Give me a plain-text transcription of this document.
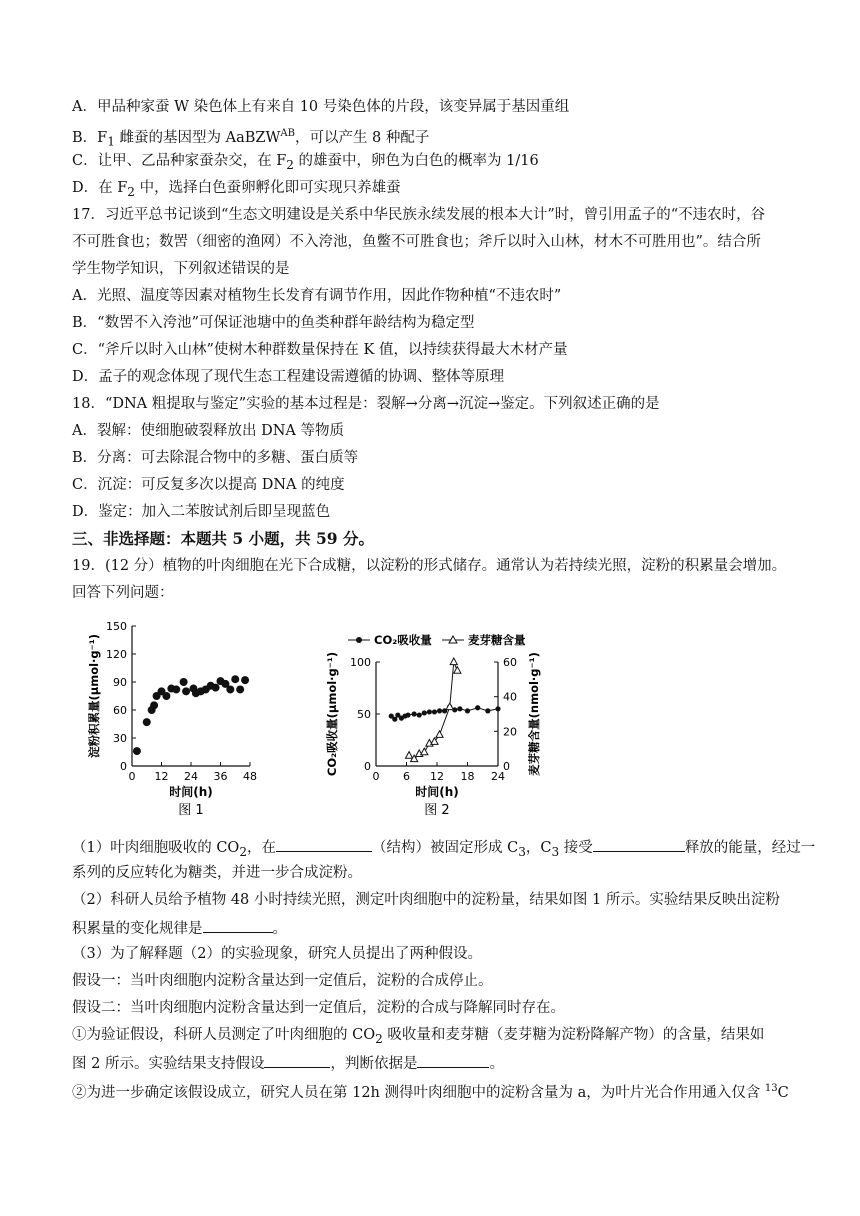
A．甲品种家蚕 W 染色体上有来自 10 号染色体的片段，该变异属于基因重组
B．$F_1$ 雌蚕的基因型为 AaBZW$^{AB}$，可以产生 8 种配子
C．让甲、乙品种家蚕杂交，在 $F_2$ 的雄蚕中，卵色为白色的概率为 1/16
D．在 $F_2$ 中，选择白色蚕卵孵化即可实现只养雄蚕
17．习近平总书记谈到“生态文明建设是关系中华民族永续发展的根本大计”时，曾引用孟子的“不违农时，谷
不可胜食也；数罟（细密的渔网）不入洿池，鱼鳖不可胜食也；斧斤以时入山林，材木不可胜用也”。结合所
学生物学知识，下列叙述错误的是
A．光照、温度等因素对植物生长发育有调节作用，因此作物种植“不违农时”
B．“数罟不入洿池”可保证池塘中的鱼类种群年龄结构为稳定型
C．“斧斤以时入山林”使树木种群数量保持在 K 值，以持续获得最大木材产量
D．孟子的观念体现了现代生态工程建设需遵循的协调、整体等原理
18．“DNA 粗提取与鉴定”实验的基本过程是：裂解→分离→沉淀→鉴定。下列叙述正确的是
A．裂解：使细胞破裂释放出 DNA 等物质
B．分离：可去除混合物中的多糖、蛋白质等
C．沉淀：可反复多次以提高 DNA 的纯度
D．鉴定：加入二苯胺试剂后即呈现蓝色
三、非选择题：本题共 5 小题，共 59 分。
19．(12 分）植物的叶肉细胞在光下合成糖，以淀粉的形式储存。通常认为若持续光照，淀粉的积累量会增加。
回答下列问题：
0
30
60
90
120
150
0 12 24 36 48
时间(h)
图 1
淀粉积累量(μmol·g⁻¹)	CO₂吸收量	麦芽糖含量
0
50
100
0
20
40
60
0 6 12 18 24
时间(h)
图 2
CO₂吸收量(μmol·g⁻¹)	麦芽糖含量(nmol·g⁻¹)
（1）叶肉细胞吸收的 $CO_2$，在	（结构）被固定形成 $C_3$，$C_3$ 接受	释放的能量，经过一
系列的反应转化为糖类，并进一步合成淀粉。
（2）科研人员给予植物 48 小时持续光照，测定叶肉细胞中的淀粉量，结果如图 1 所示。实验结果反映出淀粉
积累量的变化规律是	。
（3）为了解释题（2）的实验现象，研究人员提出了两种假设。
假设一：当叶肉细胞内淀粉含量达到一定值后，淀粉的合成停止。
假设二：当叶肉细胞内淀粉含量达到一定值后，淀粉的合成与降解同时存在。
①为验证假设，科研人员测定了叶肉细胞的 $CO_2$ 吸收量和麦芽糖（麦芽糖为淀粉降解产物）的含量，结果如
图 2 所示。实验结果支持假设	，判断依据是	。
②为进一步确定该假设成立，研究人员在第 12h 测得叶肉细胞中的淀粉含量为 a，为叶片光合作用通入仅含 $^{13}$C
